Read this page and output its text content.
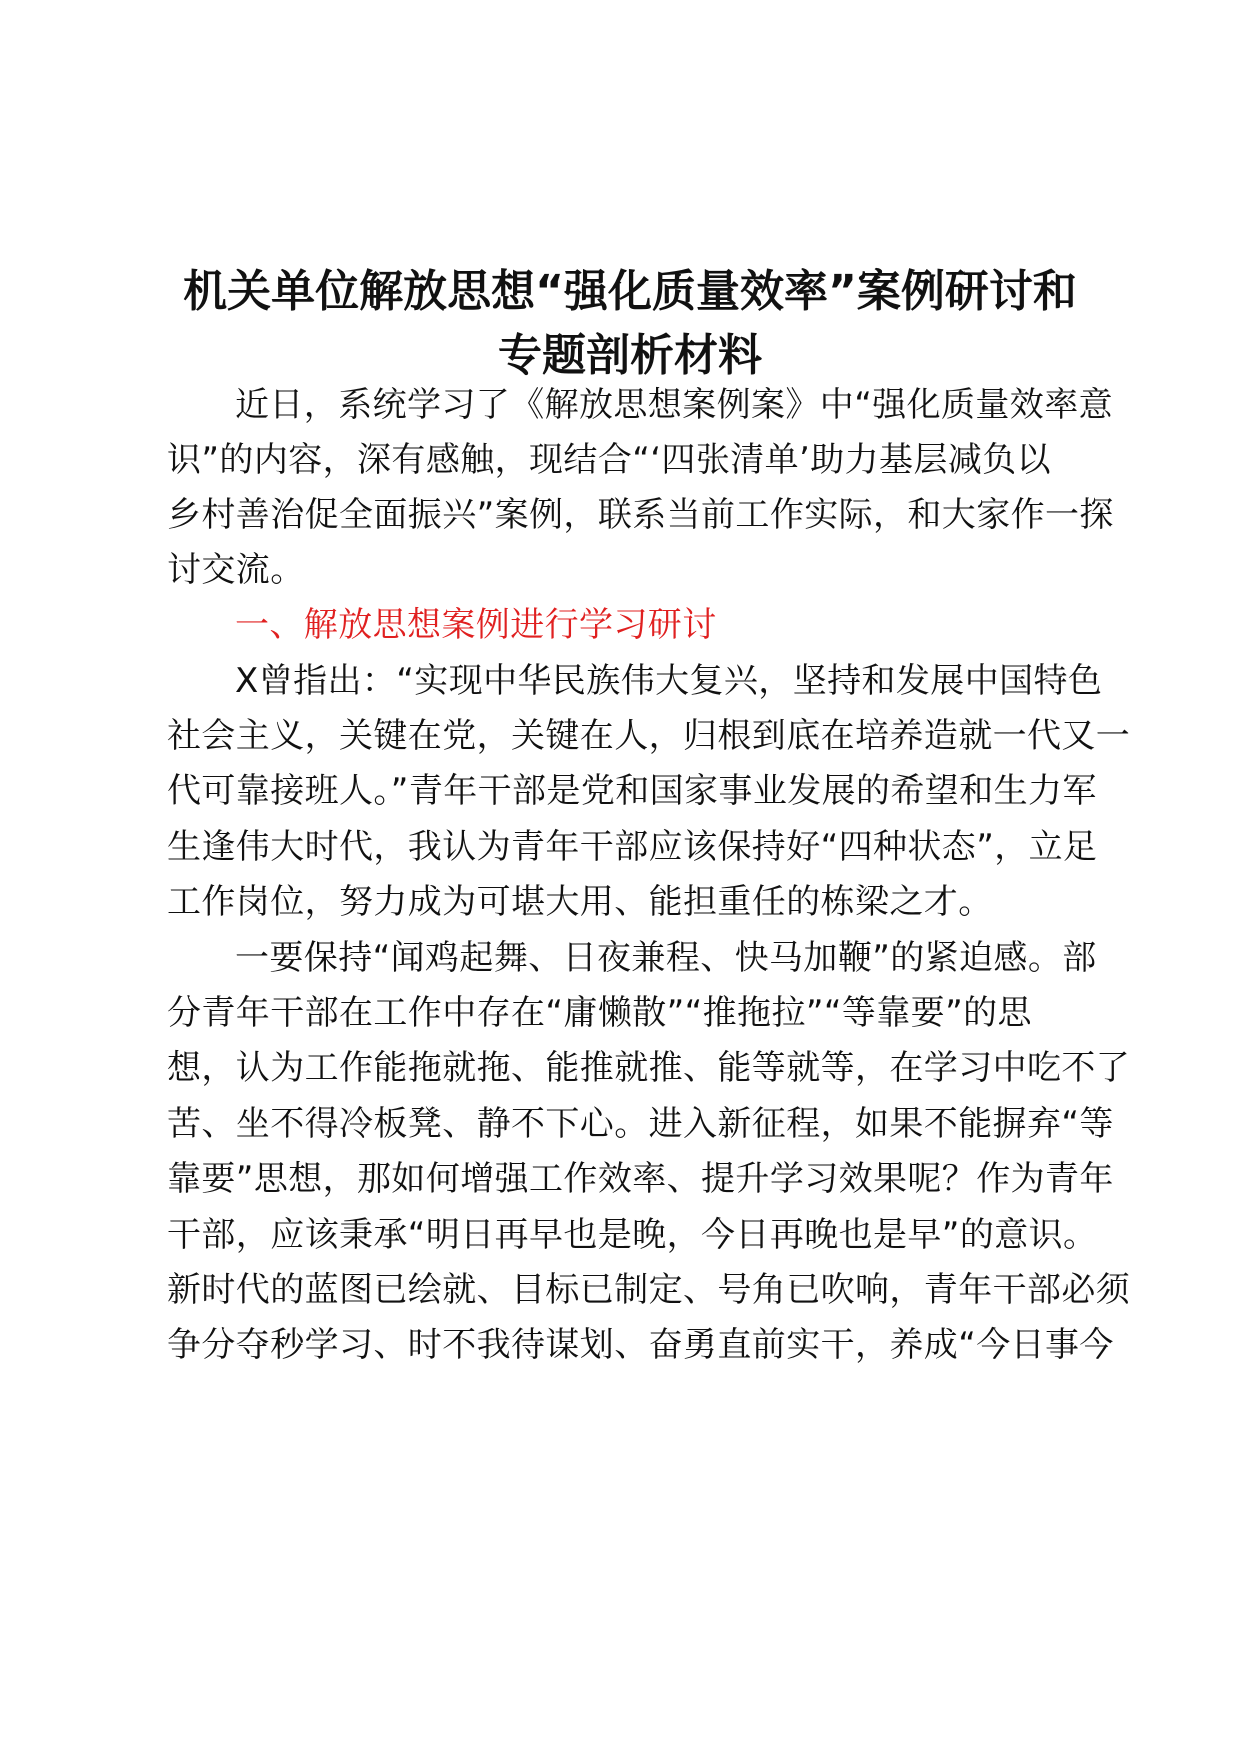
机关单位解放思想“强化质量效率”案例研讨和
专题剖析材料
近日，系统学习了《解放思想案例案》中“强化质量效率意
识”的内容，深有感触，现结合“‘四张清单’助力基层减负以
乡村善治促全面振兴”案例，联系当前工作实际，和大家作一探
讨交流。
一、解放思想案例进行学习研讨
X曾指出：“实现中华民族伟大复兴，坚持和发展中国特色
社会主义，关键在党，关键在人，归根到底在培养造就一代又一
代可靠接班人。”青年干部是党和国家事业发展的希望和生力军
生逢伟大时代，我认为青年干部应该保持好“四种状态”，立足
工作岗位，努力成为可堪大用、能担重任的栋梁之才。
一要保持“闻鸡起舞、日夜兼程、快马加鞭”的紧迫感。部
分青年干部在工作中存在“庸懒散”“推拖拉”“等靠要”的思
想，认为工作能拖就拖、能推就推、能等就等，在学习中吃不了
苦、坐不得冷板凳、静不下心。进入新征程，如果不能摒弃“等
靠要”思想，那如何增强工作效率、提升学习效果呢？作为青年
干部，应该秉承“明日再早也是晚，今日再晚也是早”的意识。
新时代的蓝图已绘就、目标已制定、号角已吹响，青年干部必须
争分夺秒学习、时不我待谋划、奋勇直前实干，养成“今日事今
